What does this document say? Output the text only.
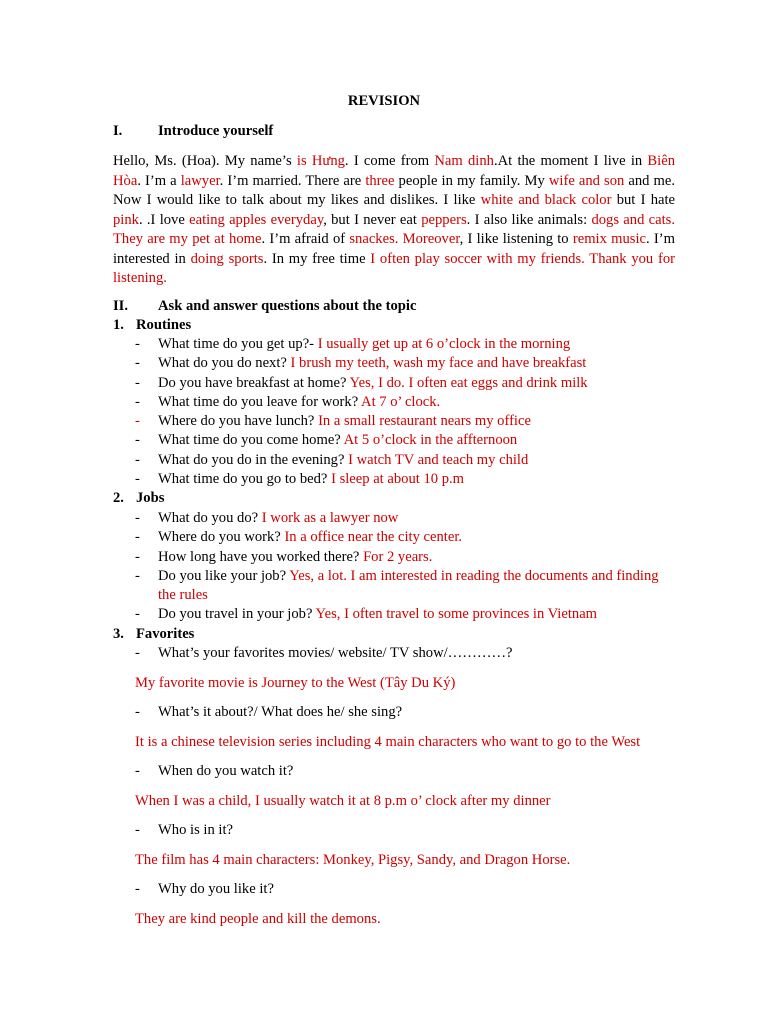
REVISION
I. Introduce yourself
Hello, Ms. (Hoa). My name’s is Hưng. I come from Nam dinh.At the moment I live in Biên Hòa. I’m a lawyer. I’m married. There are three people in my family. My wife and son and me. Now I would like to talk about my likes and dislikes. I like white and black color but I hate pink. .I love eating apples everyday, but I never eat peppers. I also like animals: dogs and cats. They are my pet at home. I’m afraid of snackes. Moreover, I like listening to remix music. I’m interested in doing sports. In my free time I often play soccer with my friends. Thank you for listening.
II. Ask and answer questions about the topic
1. Routines
- What time do you get up?- I usually get up at 6 o’clock in the morning
- What do you do next? I brush my teeth, wash my face and have breakfast
- Do you have breakfast at home? Yes, I do. I often eat eggs and drink milk
- What time do you leave for work? At 7 o’ clock.
- Where do you have lunch? In a small restaurant nears my office
- What time do you come home? At 5 o’clock in the affternoon
- What do you do in the evening? I watch TV and teach my child
- What time do you go to bed? I sleep at about 10 p.m
2. Jobs
- What do you do? I work as a lawyer now
- Where do you work? In a office near the city center.
- How long have you worked there? For 2 years.
- Do you like your job? Yes, a lot. I am interested in reading the documents and finding the rules
- Do you travel in your job? Yes, I often travel to some provinces in Vietnam
3. Favorites
- What’s your favorites movies/ website/ TV show/…………?
My favorite movie is Journey to the West (Tây Du Ký)
- What’s it about?/ What does he/ she sing?
It is a chinese television series including 4 main characters who want to go to the West
- When do you watch it?
When I was a child, I usually watch it at 8 p.m o’ clock after my dinner
- Who is in it?
The film has 4 main characters: Monkey, Pigsy, Sandy, and Dragon Horse.
- Why do you like it?
They are kind people and kill the demons.
